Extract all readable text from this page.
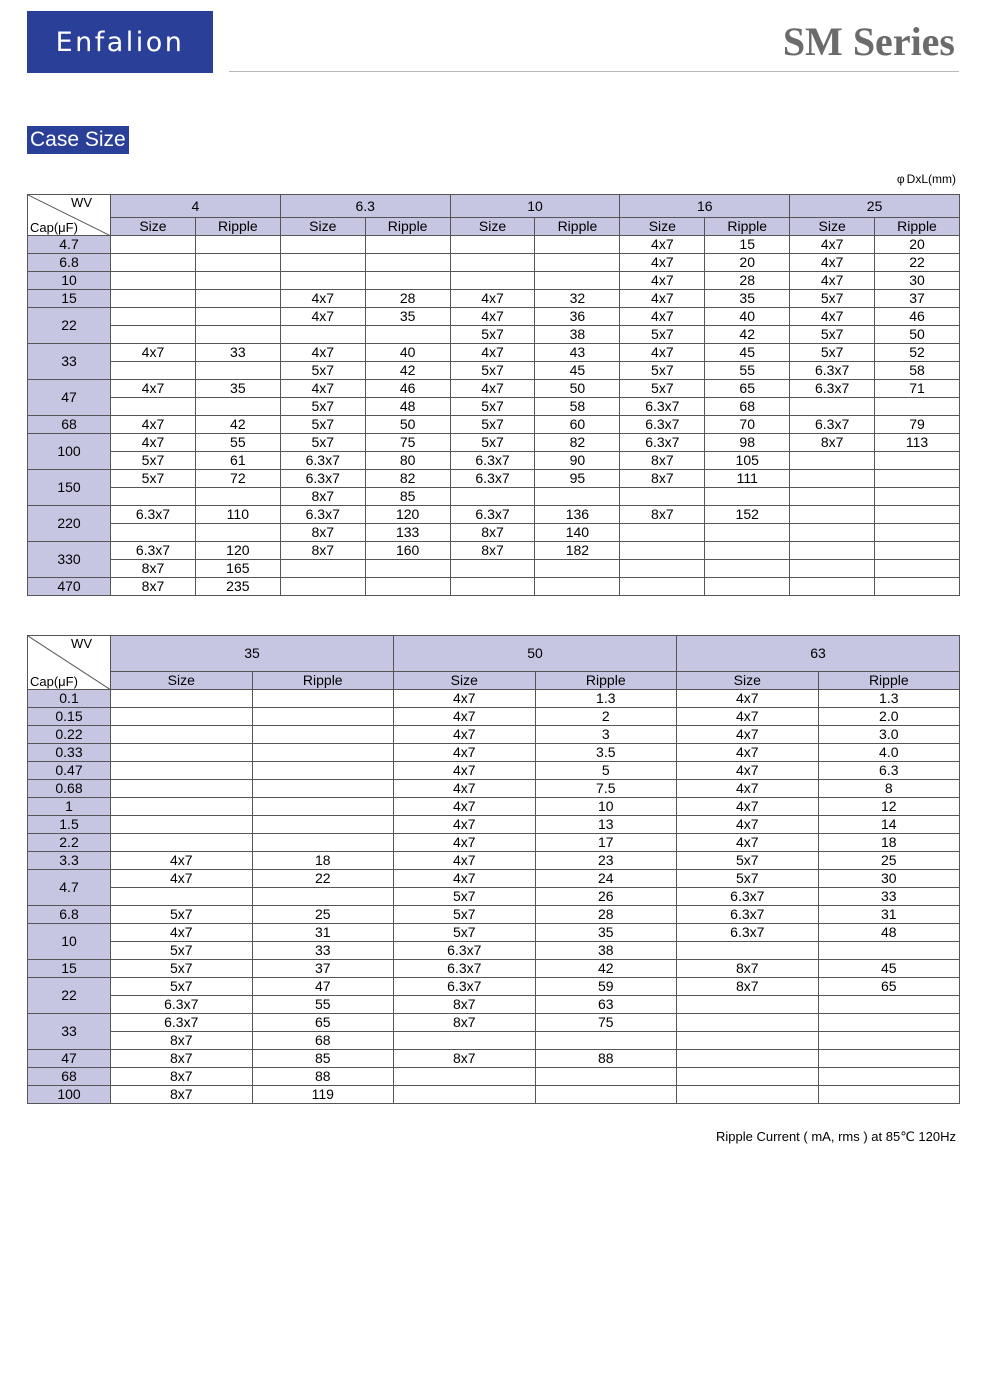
Enfalion	SM Series
Case Size
φ DxL(mm)
WV
Cap(μF)	4		6.3		10		16		25	
	Size	Ripple	Size	Ripple	Size	Ripple	Size	Ripple	Size	Ripple
4.7							4x7	15	4x7	20
6.8							4x7	20	4x7	22
10							4x7	28	4x7	30
15			4x7	28	4x7	32	4x7	35	5x7	37
22			4x7	35	4x7	36	4x7	40	4x7	46
					5x7	38	5x7	42	5x7	50
33	4x7	33	4x7	40	4x7	43	4x7	45	5x7	52
			5x7	42	5x7	45	5x7	55	6.3x7	58
47	4x7	35	4x7	46	4x7	50	5x7	65	6.3x7	71
			5x7	48	5x7	58	6.3x7	68		
68	4x7	42	5x7	50	5x7	60	6.3x7	70	6.3x7	79
100	4x7	55	5x7	75	5x7	82	6.3x7	98	8x7	113
	5x7	61	6.3x7	80	6.3x7	90	8x7	105		
150	5x7	72	6.3x7	82	6.3x7	95	8x7	111		
			8x7	85						
220	6.3x7	110	6.3x7	120	6.3x7	136	8x7	152		
			8x7	133	8x7	140				
330	6.3x7	120	8x7	160	8x7	182				
	8x7	165								
470	8x7	235								
WV
Cap(μF)	35		50		63	
	Size	Ripple	Size	Ripple	Size	Ripple
0.1			4x7	1.3	4x7	1.3
0.15			4x7	2	4x7	2.0
0.22			4x7	3	4x7	3.0
0.33			4x7	3.5	4x7	4.0
0.47			4x7	5	4x7	6.3
0.68			4x7	7.5	4x7	8
1			4x7	10	4x7	12
1.5			4x7	13	4x7	14
2.2			4x7	17	4x7	18
3.3	4x7	18	4x7	23	5x7	25
4.7	4x7	22	4x7	24	5x7	30
			5x7	26	6.3x7	33
6.8	5x7	25	5x7	28	6.3x7	31
10	4x7	31	5x7	35	6.3x7	48
	5x7	33	6.3x7	38		
15	5x7	37	6.3x7	42	8x7	45
22	5x7	47	6.3x7	59	8x7	65
	6.3x7	55	8x7	63		
33	6.3x7	65	8x7	75		
	8x7	68				
47	8x7	85	8x7	88		
68	8x7	88				
100	8x7	119				
Ripple Current ( mA, rms ) at 85℃ 120Hz
